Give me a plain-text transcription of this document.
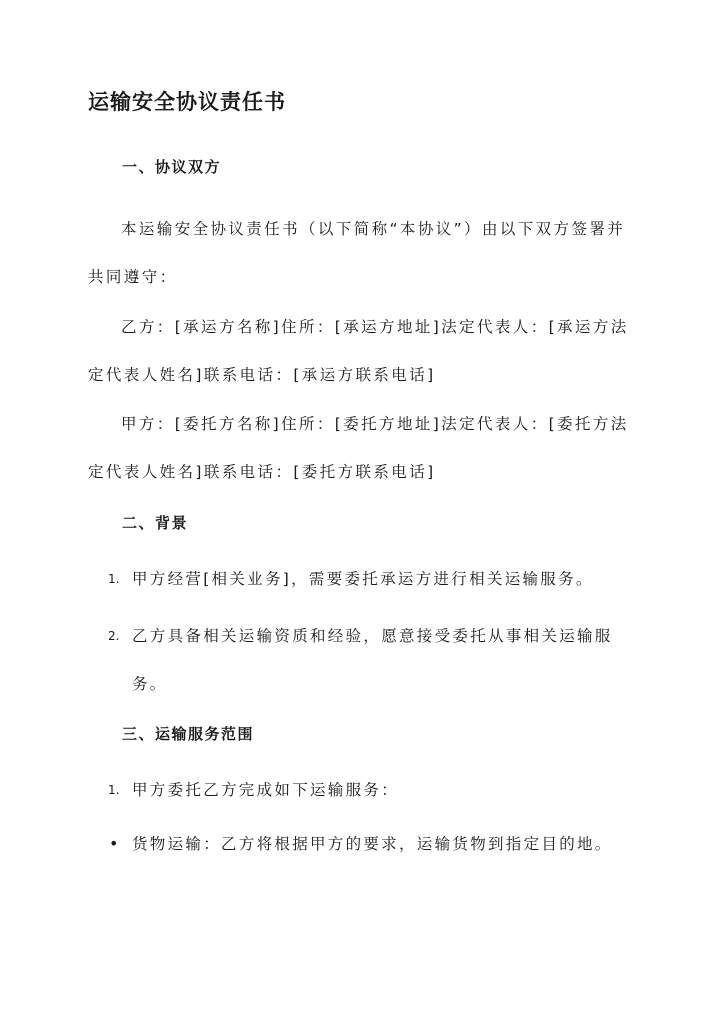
运输安全协议责任书
一、协议双方

本运输安全协议责任书（以下简称“本协议”）由以下双方签署并共同遵守：

乙方：[承运方名称]住所：[承运方地址]法定代表人：[承运方法定代表人姓名]联系电话：[承运方联系电话]

甲方：[委托方名称]住所：[委托方地址]法定代表人：[委托方法定代表人姓名]联系电话：[委托方联系电话]

二、背景
1. 甲方经营[相关业务]，需要委托承运方进行相关运输服务。

2. 乙方具备相关运输资质和经验，愿意接受委托从事相关运输服务。

三、运输服务范围
1. 甲方委托乙方完成如下运输服务：

• 货物运输：乙方将根据甲方的要求，运输货物到指定目的地。
